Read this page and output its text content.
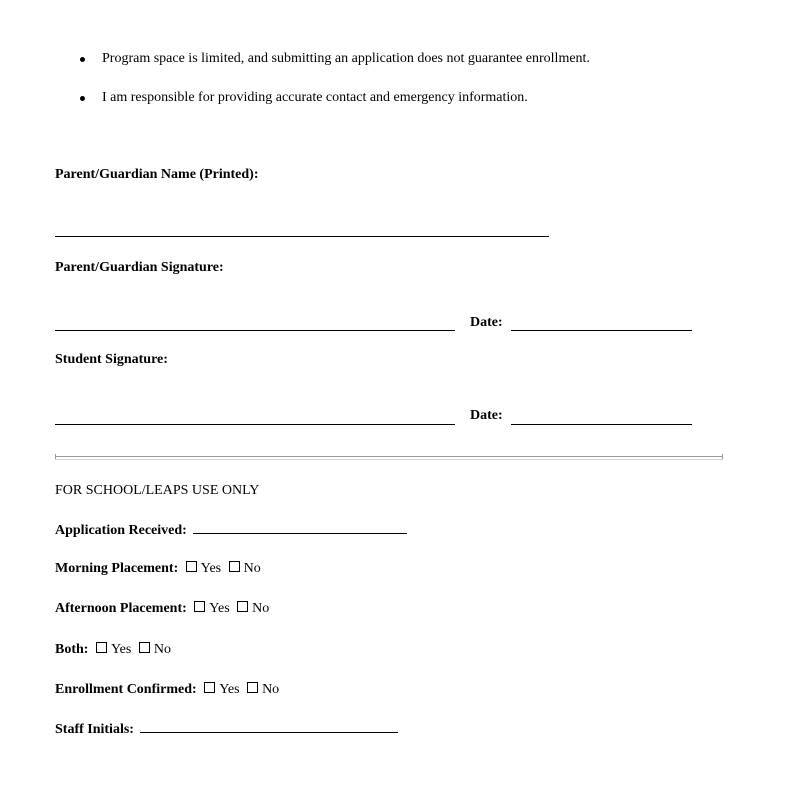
Program space is limited, and submitting an application does not guarantee enrollment.
I am responsible for providing accurate contact and emergency information.
Parent/Guardian Name (Printed):
Parent/Guardian Signature:
Date:
Student Signature:
Date:
FOR SCHOOL/LEAPS USE ONLY
Application Received:
Morning Placement: Yes No
Afternoon Placement: Yes No
Both: Yes No
Enrollment Confirmed: Yes No
Staff Initials:
